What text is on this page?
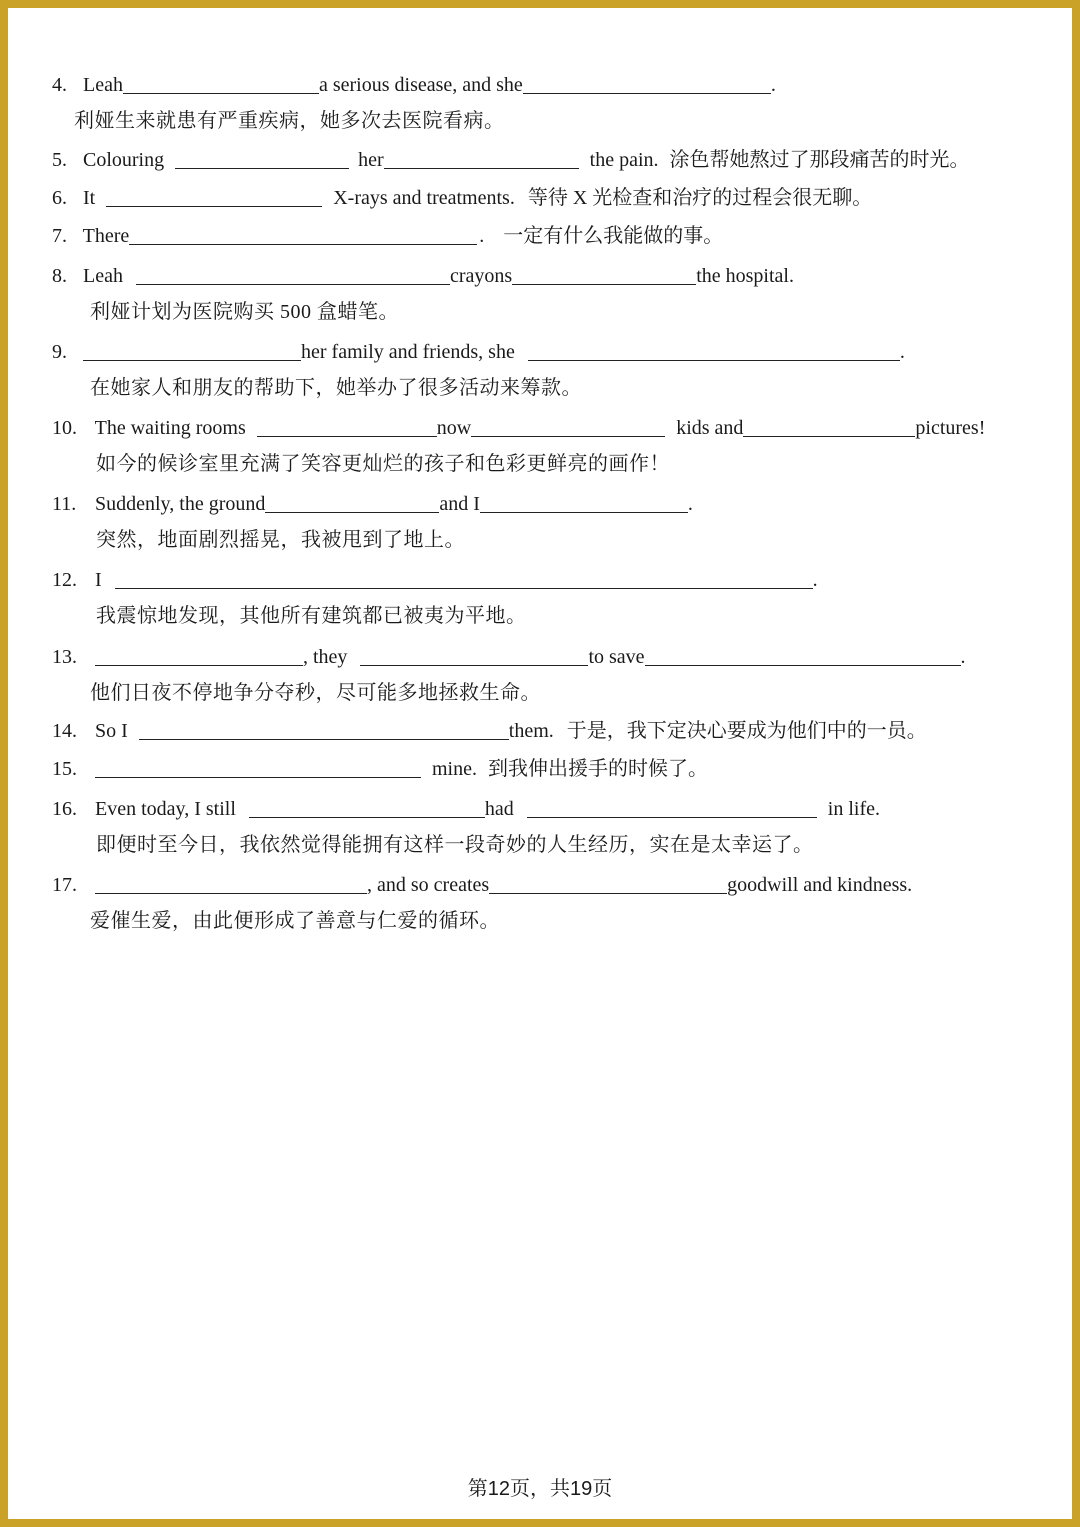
4. Leah	a serious disease, and she	.
利娅生来就患有严重疾病，她多次去医院看病。
5. Colouring	her	the pain. 涂色帮她熬过了那段痛苦的时光。
6. It	X-rays and treatments. 等待 X 光检查和治疗的过程会很无聊。
7. There	. 一定有什么我能做的事。
8. Leah	crayons	the hospital.
利娅计划为医院购买 500 盒蜡笔。
9.	her family and friends, she	.
在她家人和朋友的帮助下，她举办了很多活动来筹款。
10. The waiting rooms	now	kids and	pictures!
如今的候诊室里充满了笑容更灿烂的孩子和色彩更鲜亮的画作！
11. Suddenly, the ground	and I	.
突然，地面剧烈摇晃，我被甩到了地上。
12. I	.
我震惊地发现，其他所有建筑都已被夷为平地。
13.	, they	to save	.
他们日夜不停地争分夺秒，尽可能多地拯救生命。
14. So I	them. 于是，我下定决心要成为他们中的一员。
15.	mine. 到我伸出援手的时候了。
16. Even today, I still	had	in life.
即便时至今日，我依然觉得能拥有这样一段奇妙的人生经历，实在是太幸运了。
17.	, and so creates	goodwill and kindness.
爱催生爱，由此便形成了善意与仁爱的循环。
第12页，共19页
